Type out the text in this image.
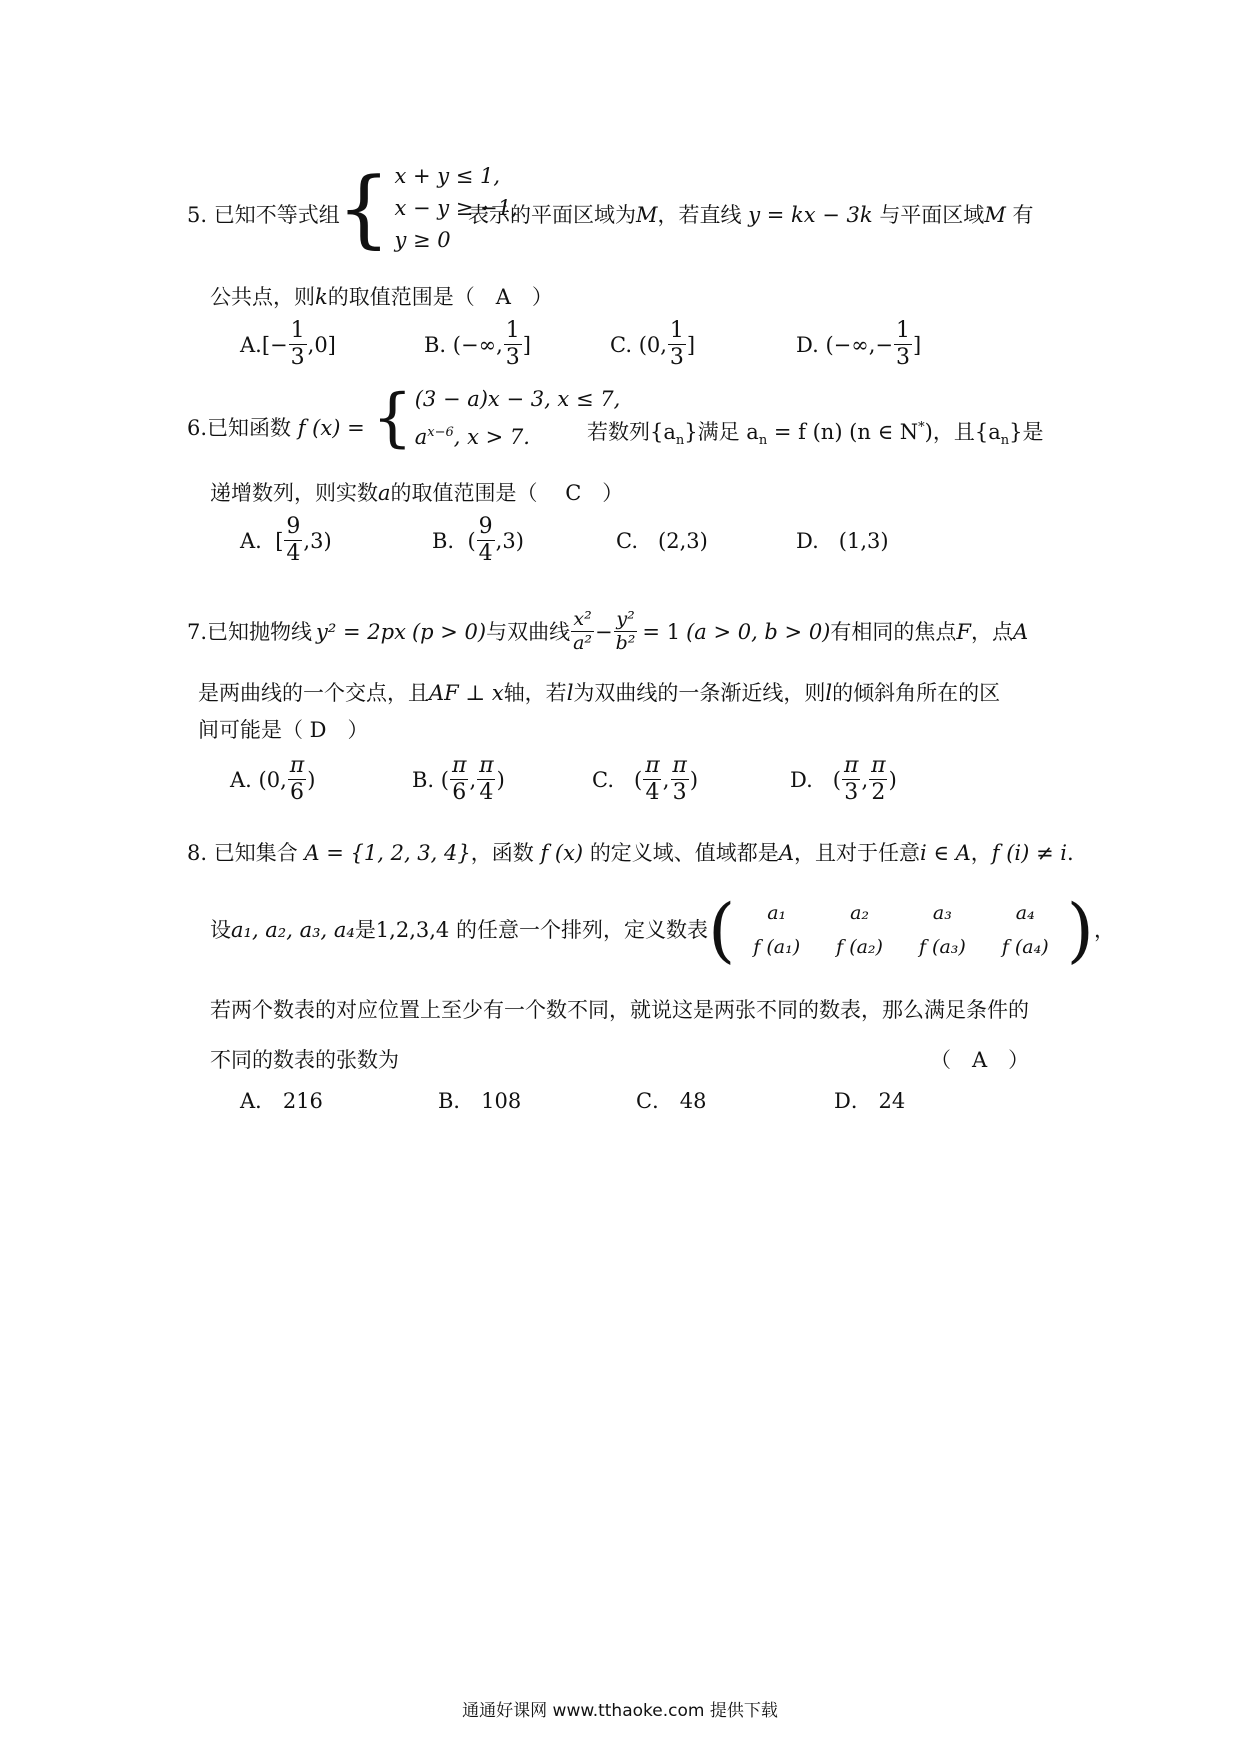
5. 已知不等式组
{ x + y ≤ 1,
x − y ≥ −1,
y ≥ 0
表示的平面区域为M，若直线 y = kx − 3k 与平面区域M 有
公共点，则k的取值范围是（　A　）
A. [− $\frac{1}{3} ,0$]	B.
(−∞, $\frac{1}{3}$ ]	C.
(0, $\frac{1}{3}$ ]	D.
(−∞,− $\frac{1}{3}$ ]
6.已知函数 f (x) = { (3 − a)x − 3, x ≤ 7,
$a^{x-6}$, x > 7.	若数列$\{a_n\}$满足 $a_n = f$ (n) (n ∈ N*)，且$\{a_n\}$是
递增数列，则实数a的取值范围是（　 C　）
A.
[ $\frac{9}{4} ,3$)	B.
( $\frac{9}{4} ,3$)	C.
(2,3)	D.
(1,3)
7.已知抛物线 y² = 2px (p > 0) 与双曲线 $\frac{\text{x²}}{\text{a²}} - \frac{\text{y²}}{\text{b²}} = 1$ (a > 0, b > 0) 有相同的焦点 F ，点 A
是两曲线的一个交点，且AF ⊥ x轴，若l为双曲线的一条渐近线，则l的倾斜角所在的区
间可能是（ D　）
A.
(0, $\frac{\pi}{6}$ )	B.
( $\frac{\pi}{6}$ , $\frac{\pi}{4}$ )	C.
( $\frac{\pi}{4}$ , $\frac{\pi}{3}$ )	D.
( $\frac{\pi}{3}$ , $\frac{\pi}{2}$ )
8. 已知集合 A = {1, 2, 3, 4}，函数 f (x) 的定义域、值域都是A，且对于任意i ∈ A，f (i) ≠ i.
设 a₁, a₂, a₃, a₄ 是1,2,3,4 的任意一个排列，定义数表 ( a₁	a₂	a₃	a₄
f (a₁)	f (a₂)	f (a₃)	f (a₄) ) ，
若两个数表的对应位置上至少有一个数不同，就说这是两张不同的数表，那么满足条件的
不同的数表的张数为	（　A　）
A． 216	B． 108	C． 48	D． 24
通通好课网 www.tthaoke.com 提供下载
